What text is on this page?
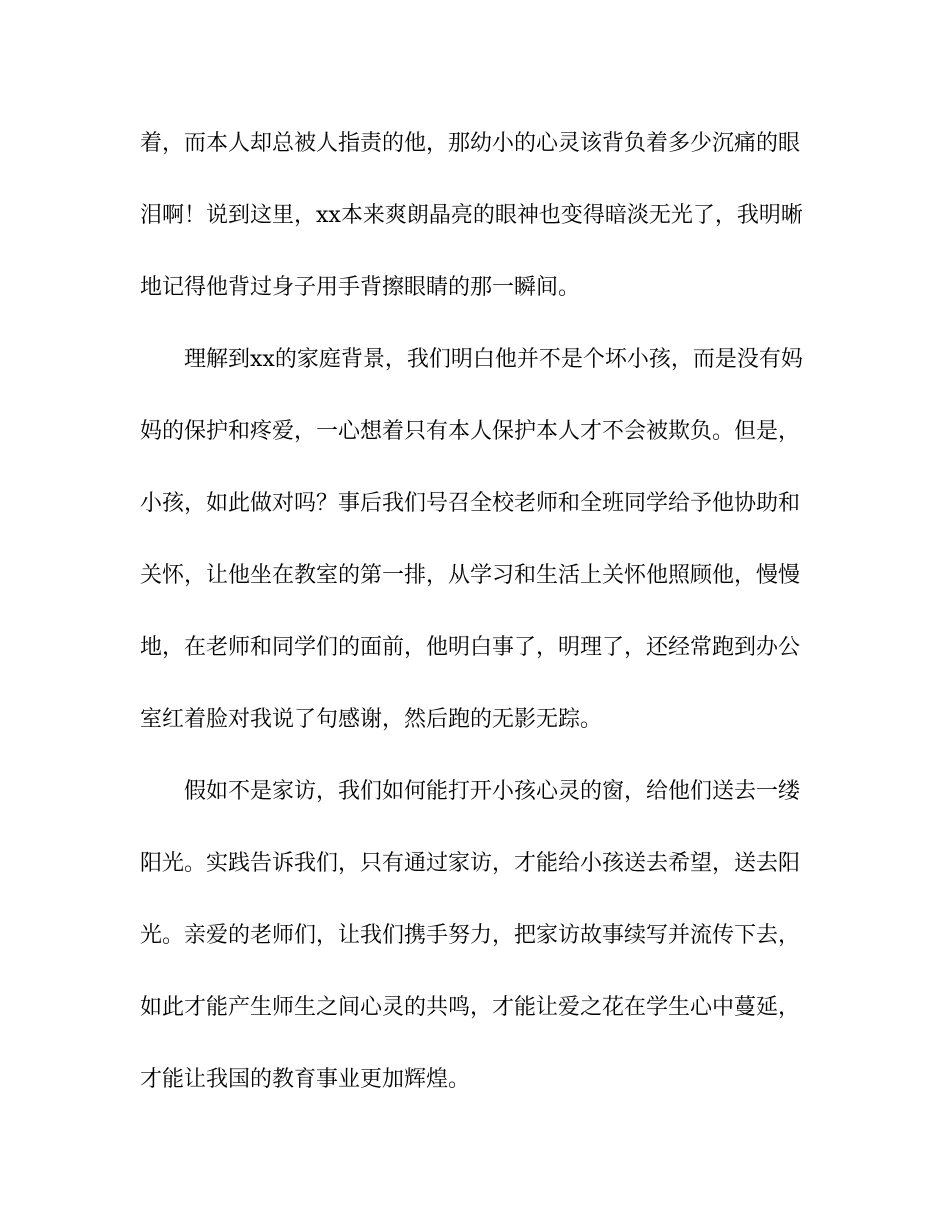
着，而本人却总被人指责的他，那幼小的心灵该背负着多少沉痛的眼
泪啊！说到这里，xx本来爽朗晶亮的眼神也变得暗淡无光了，我明晰
地记得他背过身子用手背擦眼睛的那一瞬间。
理解到xx的家庭背景，我们明白他并不是个坏小孩，而是没有妈
妈的保护和疼爱，一心想着只有本人保护本人才不会被欺负。但是，
小孩，如此做对吗？事后我们号召全校老师和全班同学给予他协助和
关怀，让他坐在教室的第一排，从学习和生活上关怀他照顾他，慢慢
地，在老师和同学们的面前，他明白事了，明理了，还经常跑到办公
室红着脸对我说了句感谢，然后跑的无影无踪。
假如不是家访，我们如何能打开小孩心灵的窗，给他们送去一缕
阳光。实践告诉我们，只有通过家访，才能给小孩送去希望，送去阳
光。亲爱的老师们，让我们携手努力，把家访故事续写并流传下去，
如此才能产生师生之间心灵的共鸣，才能让爱之花在学生心中蔓延，
才能让我国的教育事业更加辉煌。
